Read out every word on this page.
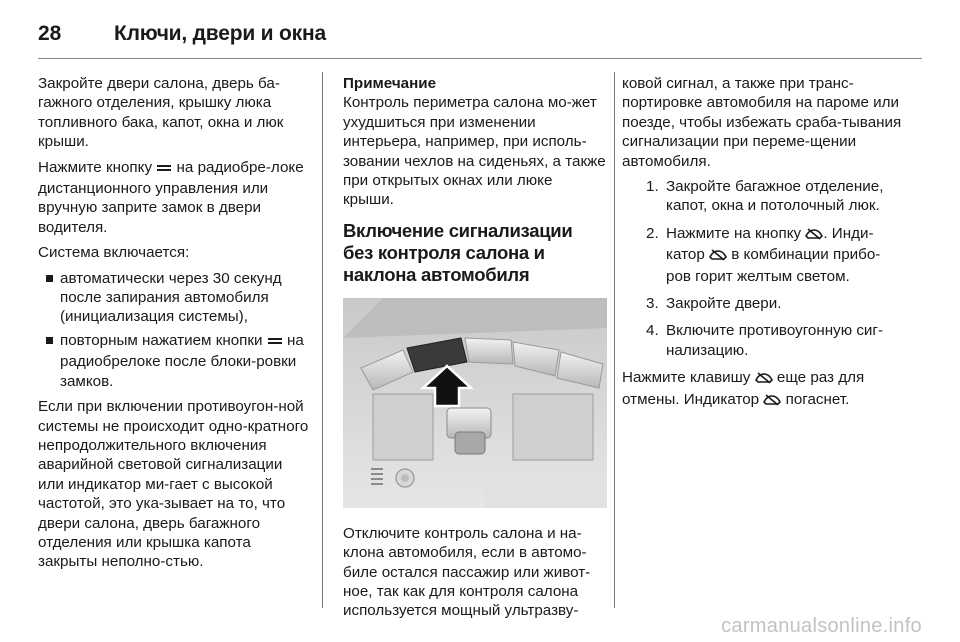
28	Ключи, двери и окна

Закройте двери салона, дверь ба-гажного отделения, крышку люка топливного бака, капот, окна и люк крыши.

Нажмите кнопку на радиобре-локе дистанционного управления или вручную заприте замок в двери водителя.

Система включается:

автоматически через 30 секунд после запирания автомобиля (инициализация системы),
повторным нажатием кнопки на радиобрелоке после блоки-ровки замков.

Если при включении противоугон-ной системы не происходит одно-кратного непродолжительного включения аварийной световой сигнализации или индикатор ми-гает с высокой частотой, это ука-зывает на то, что двери салона, дверь багажного отделения или крышка капота закрыты неполно-стью.

Примечание

Контроль периметра салона мо-жет ухудшиться при изменении интерьера, например, при исполь-зовании чехлов на сиденьях, а также при открытых окнах или люке крыши.

Включение сигнализации без контроля салона и наклона автомобиля

Отключите контроль салона и на-клона автомобиля, если в автомо-биле остался пассажир или живот-ное, так как для контроля салона используется мощный ультразву-

ковой сигнал, а также при транс-портировке автомобиля на пароме или поезде, чтобы избежать сраба-тывания сигнализации при переме-щении автомобиля.

1. Закройте багажное отделение, капот, окна и потолочный люк.
2. Нажмите на кнопку . Инди-катор в комбинации прибо-ров горит желтым светом.
3. Закройте двери.
4. Включите противоугонную сиг-нализацию.

Нажмите клавишу еще раз для отмены. Индикатор погаснет.

carmanualsonline.info
